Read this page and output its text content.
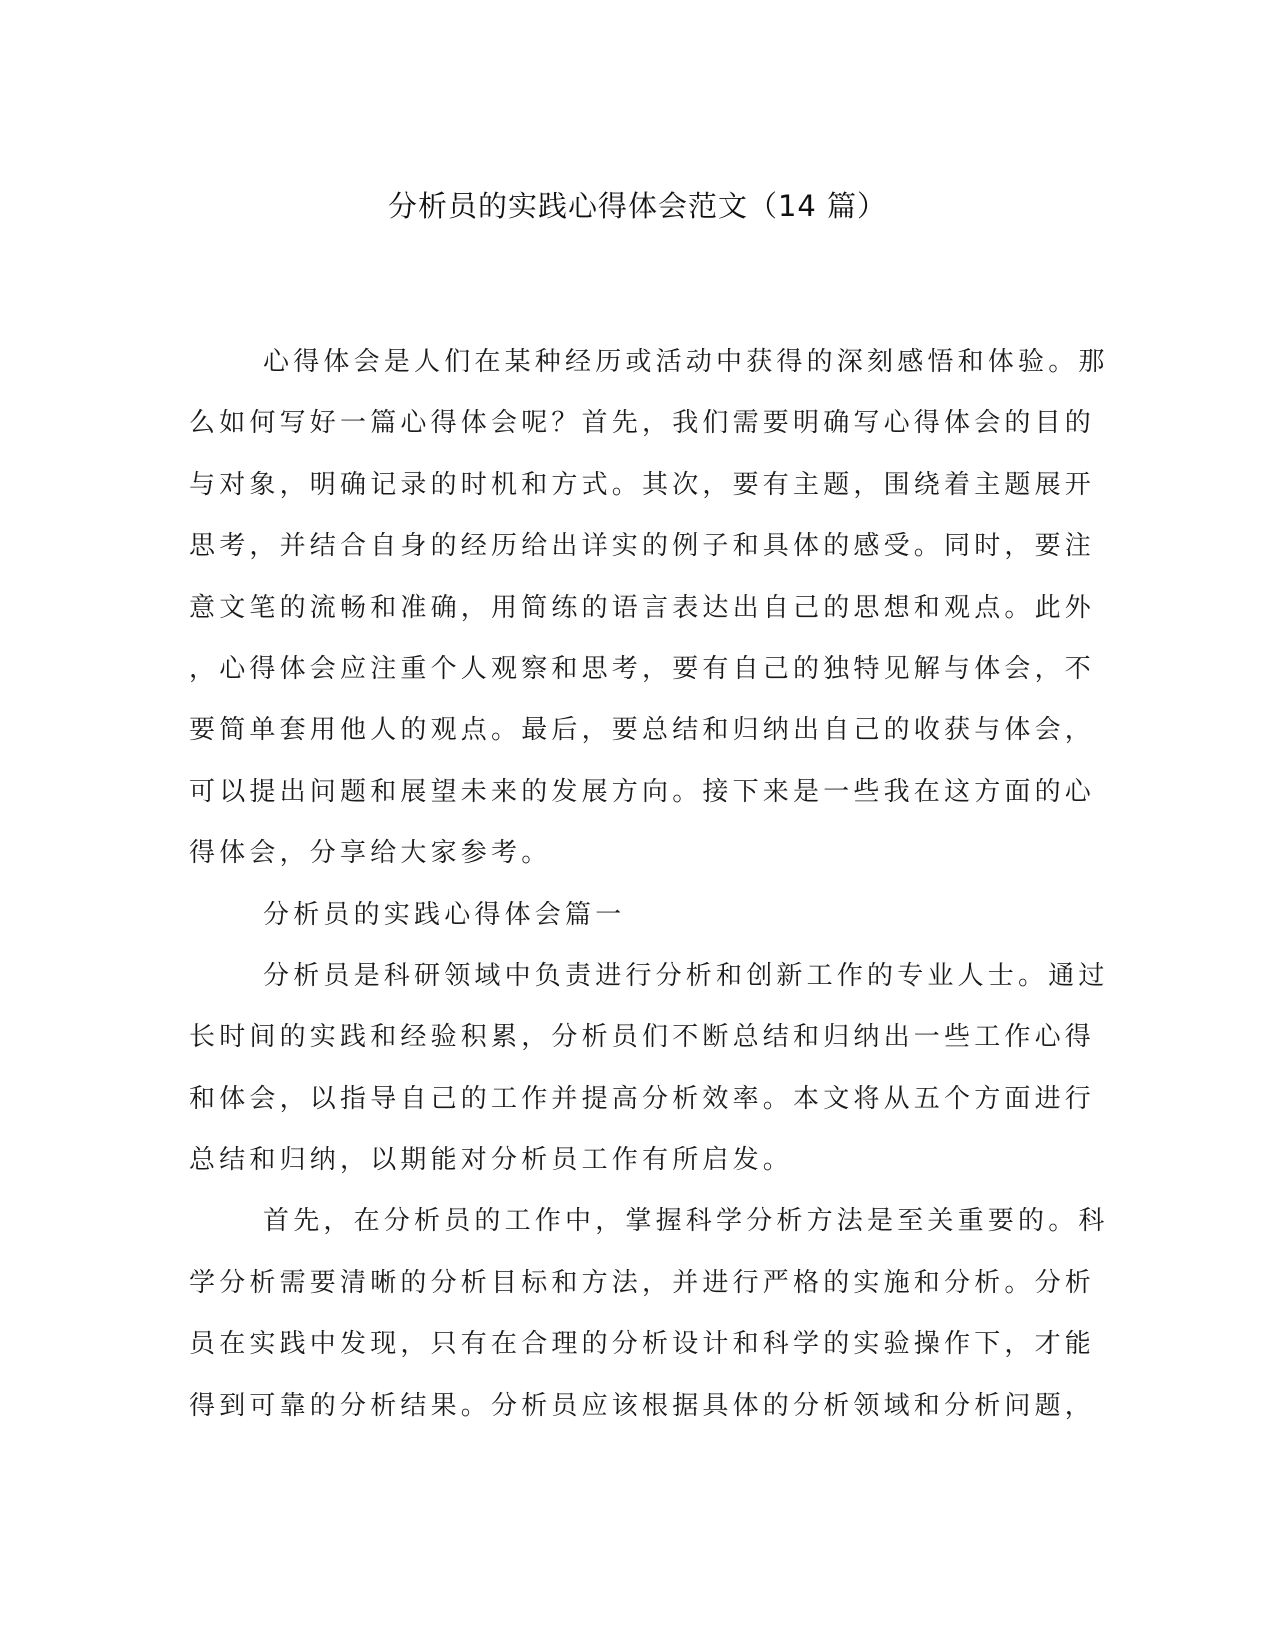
分析员的实践心得体会范文（14 篇）
心得体会是人们在某种经历或活动中获得的深刻感悟和体验。那
么如何写好一篇心得体会呢？首先，我们需要明确写心得体会的目的
与对象，明确记录的时机和方式。其次，要有主题，围绕着主题展开
思考，并结合自身的经历给出详实的例子和具体的感受。同时，要注
意文笔的流畅和准确，用简练的语言表达出自己的思想和观点。此外
，心得体会应注重个人观察和思考，要有自己的独特见解与体会，不
要简单套用他人的观点。最后，要总结和归纳出自己的收获与体会，
可以提出问题和展望未来的发展方向。接下来是一些我在这方面的心
得体会，分享给大家参考。
分析员的实践心得体会篇一
分析员是科研领域中负责进行分析和创新工作的专业人士。通过
长时间的实践和经验积累，分析员们不断总结和归纳出一些工作心得
和体会，以指导自己的工作并提高分析效率。本文将从五个方面进行
总结和归纳，以期能对分析员工作有所启发。
首先，在分析员的工作中，掌握科学分析方法是至关重要的。科
学分析需要清晰的分析目标和方法，并进行严格的实施和分析。分析
员在实践中发现，只有在合理的分析设计和科学的实验操作下，才能
得到可靠的分析结果。分析员应该根据具体的分析领域和分析问题，
